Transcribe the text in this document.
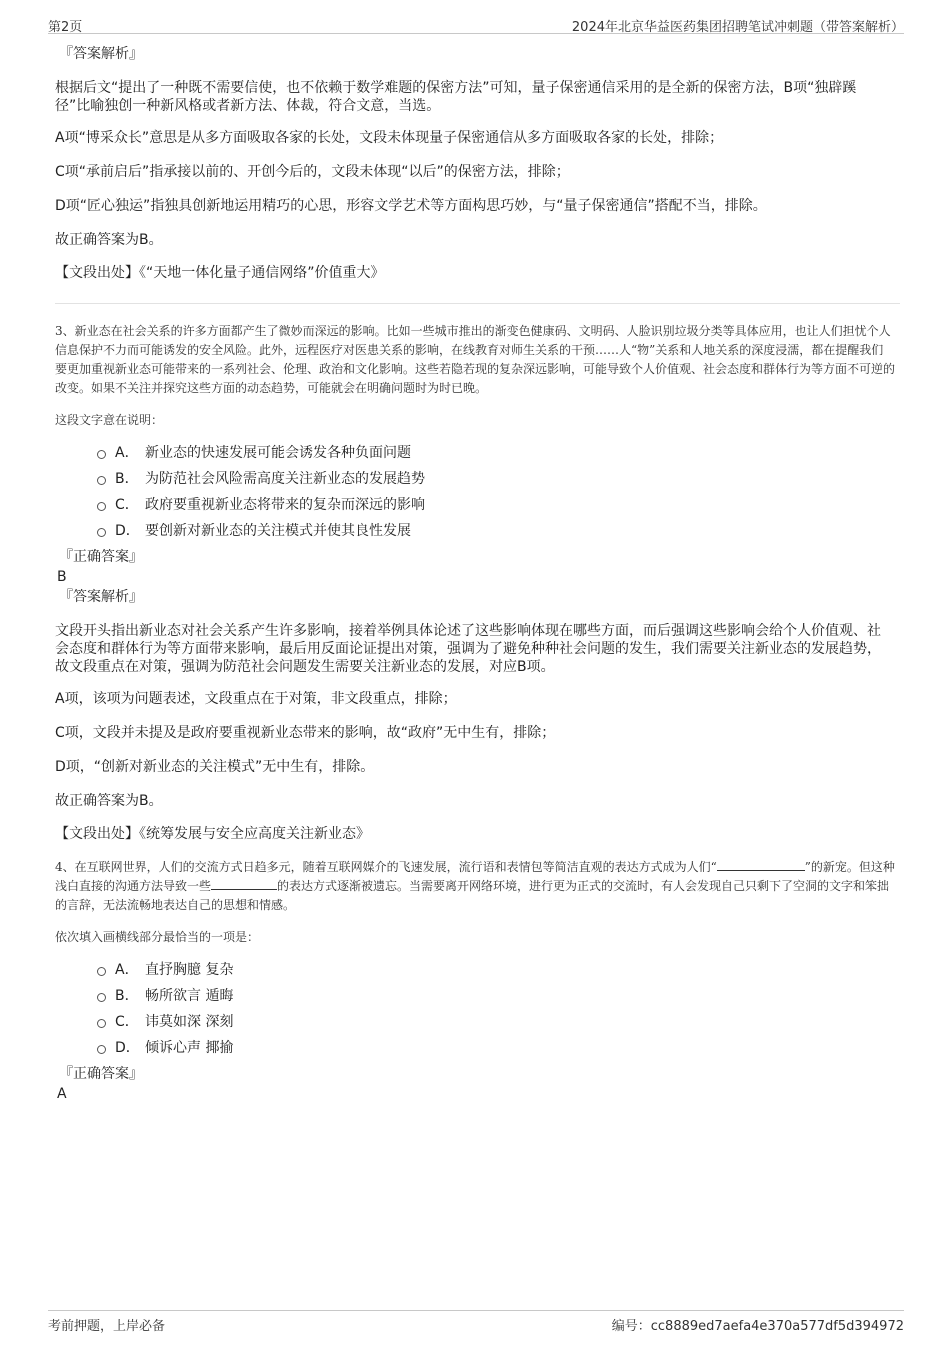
第2页	2024年北京华益医药集团招聘笔试冲刺题（带答案解析）
『答案解析』
根据后文“提出了一种既不需要信使，也不依赖于数学难题的保密方法”可知，量子保密通信采用的是全新的保密方法，B项“独辟蹊径”比喻独创一种新风格或者新方法、体裁，符合文意，当选。
A项“博采众长”意思是从多方面吸取各家的长处，文段未体现量子保密通信从多方面吸取各家的长处，排除；
C项“承前启后”指承接以前的、开创今后的，文段未体现“以后”的保密方法，排除；
D项“匠心独运”指独具创新地运用精巧的心思，形容文学艺术等方面构思巧妙，与“量子保密通信”搭配不当，排除。
故正确答案为B。
【文段出处】《“天地一体化量子通信网络”价值重大》
3、新业态在社会关系的许多方面都产生了微妙而深远的影响。比如一些城市推出的渐变色健康码、文明码、人脸识别垃圾分类等具体应用，也让人们担忧个人信息保护不力而可能诱发的安全风险。此外，远程医疗对医患关系的影响，在线教育对师生关系的干预……人“物”关系和人地关系的深度浸濡，都在提醒我们要更加重视新业态可能带来的一系列社会、伦理、政治和文化影响。这些若隐若现的复杂深远影响，可能导致个人价值观、社会态度和群体行为等方面不可逆的改变。如果不关注并探究这些方面的动态趋势，可能就会在明确问题时为时已晚。
这段文字意在说明：
A． 新业态的快速发展可能会诱发各种负面问题
B． 为防范社会风险需高度关注新业态的发展趋势
C． 政府要重视新业态将带来的复杂而深远的影响
D． 要创新对新业态的关注模式并使其良性发展
『正确答案』
B
『答案解析』
文段开头指出新业态对社会关系产生许多影响，接着举例具体论述了这些影响体现在哪些方面，而后强调这些影响会给个人价值观、社会态度和群体行为等方面带来影响，最后用反面论证提出对策，强调为了避免种种社会问题的发生，我们需要关注新业态的发展趋势，故文段重点在对策，强调为防范社会问题发生需要关注新业态的发展，对应B项。
A项，该项为问题表述，文段重点在于对策，非文段重点，排除；
C项，文段并未提及是政府要重视新业态带来的影响，故“政府”无中生有，排除；
D项，“创新对新业态的关注模式”无中生有，排除。
故正确答案为B。
【文段出处】《统筹发展与安全应高度关注新业态》
4、在互联网世界，人们的交流方式日趋多元，随着互联网媒介的飞速发展，流行语和表情包等简洁直观的表达方式成为人们“	”的新宠。但这种浅白直接的沟通方法导致一些	的表达方式逐渐被遗忘。当需要离开网络环境，进行更为正式的交流时，有人会发现自己只剩下了空洞的文字和笨拙的言辞，无法流畅地表达自己的思想和情感。
依次填入画横线部分最恰当的一项是：
A． 直抒胸臆 复杂
B． 畅所欲言 遁晦
C． 讳莫如深 深刻
D． 倾诉心声 揶揄
『正确答案』
A
考前押题，上岸必备	编号：cc8889ed7aefa4e370a577df5d394972
